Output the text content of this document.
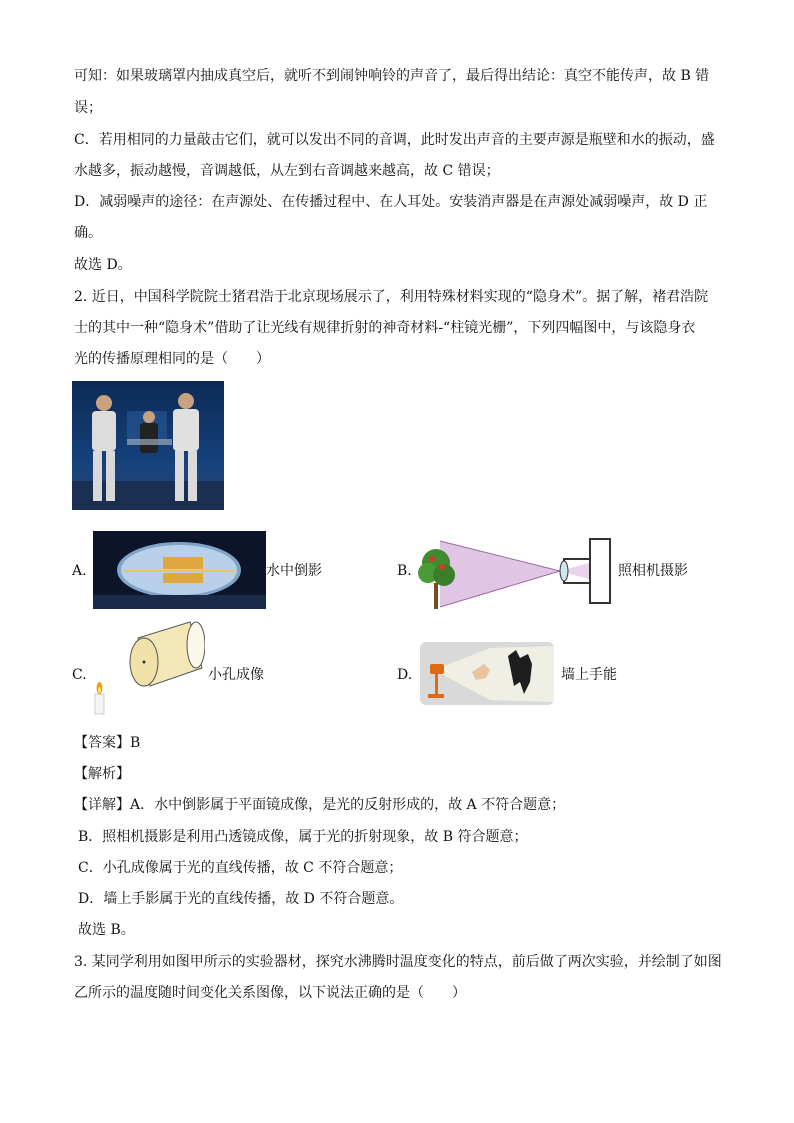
可知：如果玻璃罩内抽成真空后，就听不到闹钟响铃的声音了，最后得出结论：真空不能传声，故 B 错
误；
C．若用相同的力量敲击它们，就可以发出不同的音调，此时发出声音的主要声源是瓶壁和水的振动，盛
水越多，振动越慢，音调越低，从左到右音调越来越高，故 C 错误；
D．减弱噪声的途径：在声源处、在传播过程中、在人耳处。安装消声器是在声源处减弱噪声，故 D 正
确。
故选 D。
2. 近日，中国科学院院士猪君浩于北京现场展示了，利用特殊材料实现的“隐身术”。据了解，褚君浩院
士的其中一种“隐身术”借助了让光线有规律折射的神奇材料-“柱镜光栅”，下列四幅图中，与该隐身衣
光的传播原理相同的是（　　）
A.	水中倒影	B.	照相机摄影
C.	小孔成像	D.	墙上手能
【答案】B
【解析】
【详解】A．水中倒影属于平面镜成像，是光的反射形成的，故 A 不符合题意；
B．照相机摄影是利用凸透镜成像，属于光的折射现象，故 B 符合题意；
C．小孔成像属于光的直线传播，故 C 不符合题意；
D．墙上手影属于光的直线传播，故 D 不符合题意。
故选 B。
3. 某同学利用如图甲所示的实验器材，探究水沸腾时温度变化的特点，前后做了两次实验，并绘制了如图
乙所示的温度随时间变化关系图像，以下说法正确的是（　　）
